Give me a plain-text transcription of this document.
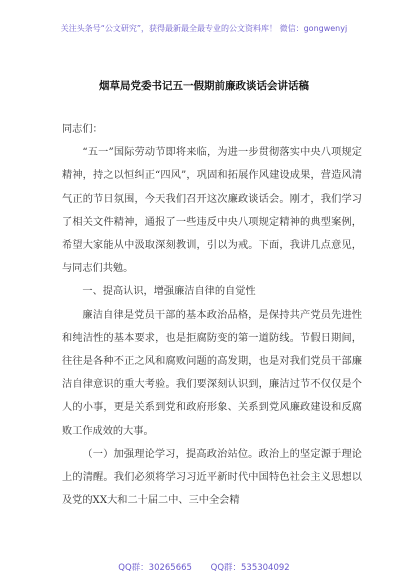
关注头条号“公文研究”，获得最新最全最专业的公文资料库！ 微信：gongwenyj
烟草局党委书记五一假期前廉政谈话会讲话稿

同志们：

“五一”国际劳动节即将来临，为进一步贯彻落实中央八项规定精神，持之以恒纠正“四风”，巩固和拓展作风建设成果，营造风清气正的节日氛围，今天我们召开这次廉政谈话会。刚才，我们学习了相关文件精神，通报了一些违反中央八项规定精神的典型案例，希望大家能从中汲取深刻教训，引以为戒。下面，我讲几点意见，与同志们共勉。

一、提高认识，增强廉洁自律的自觉性

廉洁自律是党员干部的基本政治品格，是保持共产党员先进性和纯洁性的基本要求，也是拒腐防变的第一道防线。节假日期间，往往是各种不正之风和腐败问题的高发期，也是对我们党员干部廉洁自律意识的重大考验。我们要深刻认识到，廉洁过节不仅仅是个人的小事，更是关系到党和政府形象、关系到党风廉政建设和反腐败工作成效的大事。

（一）加强理论学习，提高政治站位。政治上的坚定源于理论上的清醒。我们必须将学习习近平新时代中国特色社会主义思想以及党的XX大和二十届二中、三中全会精

QQ群：30265665 QQ群：535304092
